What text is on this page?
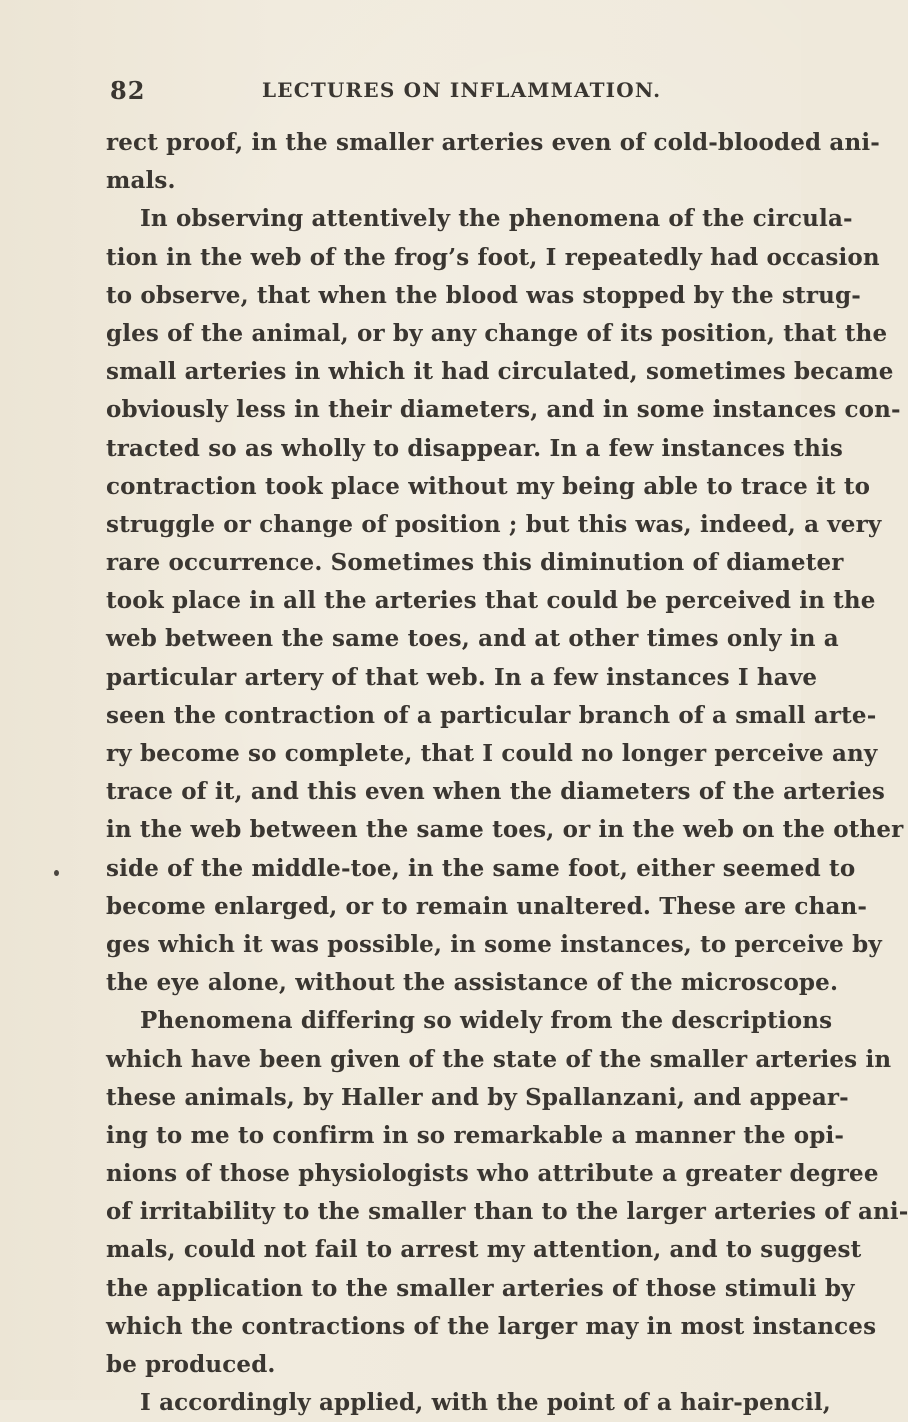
82	LECTURES ON INFLAMMATION.
rect proof, in the smaller arteries even of cold-blooded ani-
mals.
In observing attentively the phenomena of the circula-
tion in the web of the frog’s foot, I repeatedly had occasion
to observe, that when the blood was stopped by the strug-
gles of the animal, or by any change of its position, that the
small arteries in which it had circulated, sometimes became
obviously less in their diameters, and in some instances con-
tracted so as wholly to disappear. In a few instances this
contraction took place without my being able to trace it to
struggle or change of position ; but this was, indeed, a very
rare occurrence. Sometimes this diminution of diameter
took place in all the arteries that could be perceived in the
web between the same toes, and at other times only in a
particular artery of that web. In a few instances I have
seen the contraction of a particular branch of a small arte-
ry become so complete, that I could no longer perceive any
trace of it, and this even when the diameters of the arteries
in the web between the same toes, or in the web on the other
side of the middle-toe, in the same foot, either seemed to
become enlarged, or to remain unaltered. These are chan-
ges which it was possible, in some instances, to perceive by
the eye alone, without the assistance of the microscope.
Phenomena differing so widely from the descriptions
which have been given of the state of the smaller arteries in
these animals, by Haller and by Spallanzani, and appear-
ing to me to confirm in so remarkable a manner the opi-
nions of those physiologists who attribute a greater degree
of irritability to the smaller than to the larger arteries of ani-
mals, could not fail to arrest my attention, and to suggest
the application to the smaller arteries of those stimuli by
which the contractions of the larger may in most instances
be produced.
I accordingly applied, with the point of a hair-pencil,
